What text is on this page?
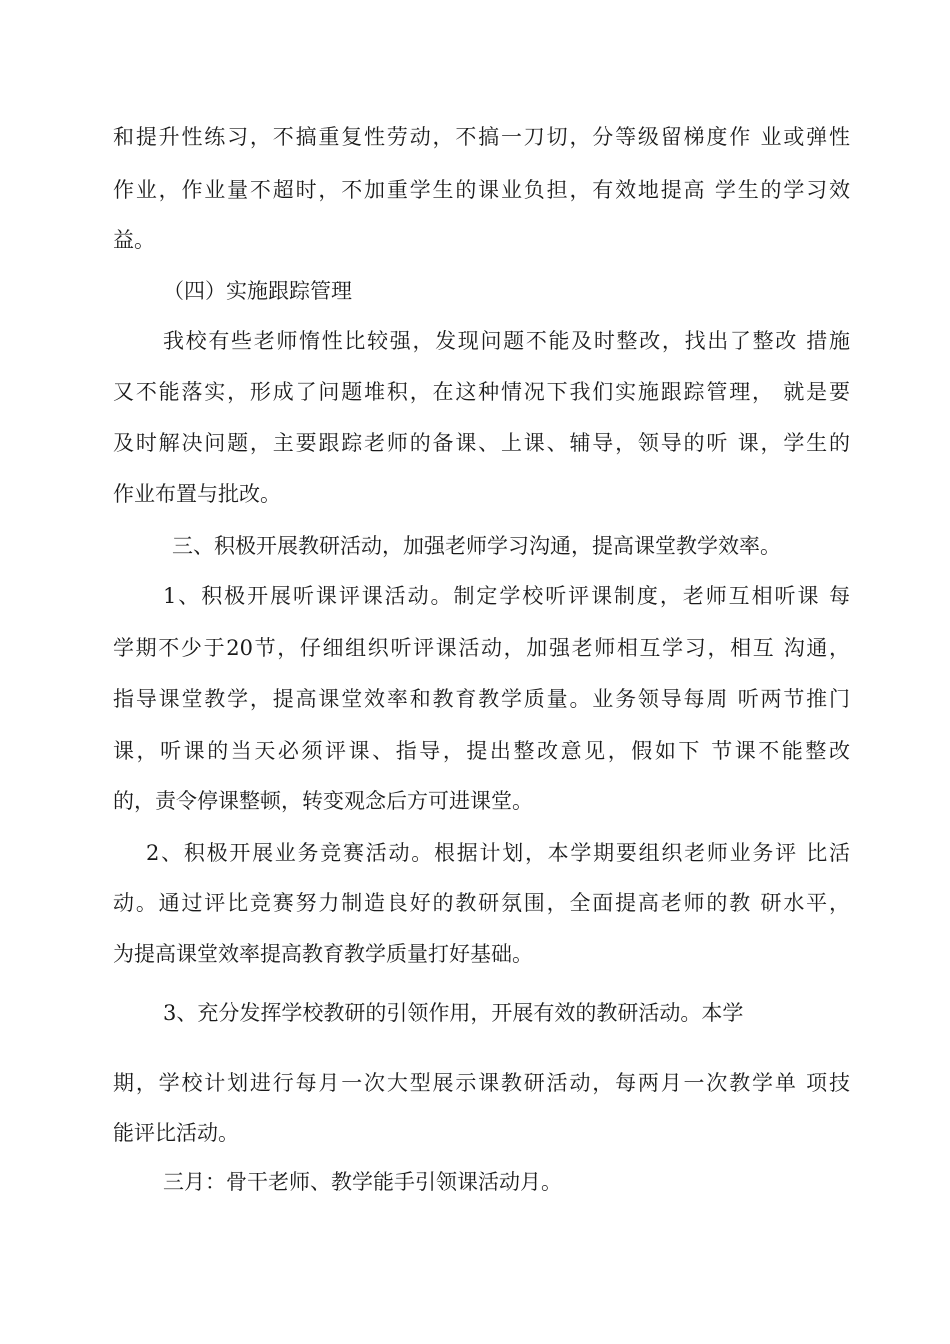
和提升性练习，不搞重复性劳动，不搞一刀切，分等级留梯度作 业或弹性
作业，作业量不超时，不加重学生的课业负担，有效地提高 学生的学习效
益。
（四）实施跟踪管理
我校有些老师惰性比较强，发现问题不能及时整改，找出了整改 措施
又不能落实，形成了问题堆积，在这种情况下我们实施跟踪管理， 就是要
及时解决问题，主要跟踪老师的备课、上课、辅导，领导的听 课，学生的
作业布置与批改。
三、积极开展教研活动，加强老师学习沟通，提高课堂教学效率。
1、积极开展听课评课活动。制定学校听评课制度，老师互相听课 每
学期不少于20节，仔细组织听评课活动，加强老师相互学习，相互 沟通，
指导课堂教学，提高课堂效率和教育教学质量。业务领导每周 听两节推门
课，听课的当天必须评课、指导，提出整改意见，假如下 节课不能整改
的，责令停课整顿，转变观念后方可进课堂。
2、积极开展业务竞赛活动。根据计划，本学期要组织老师业务评 比活
动。通过评比竞赛努力制造良好的教研氛围，全面提高老师的教 研水平，
为提高课堂效率提高教育教学质量打好基础。
3、充分发挥学校教研的引领作用，开展有效的教研活动。本学
期，学校计划进行每月一次大型展示课教研活动，每两月一次教学单 项技
能评比活动。
三月：骨干老师、教学能手引领课活动月。
